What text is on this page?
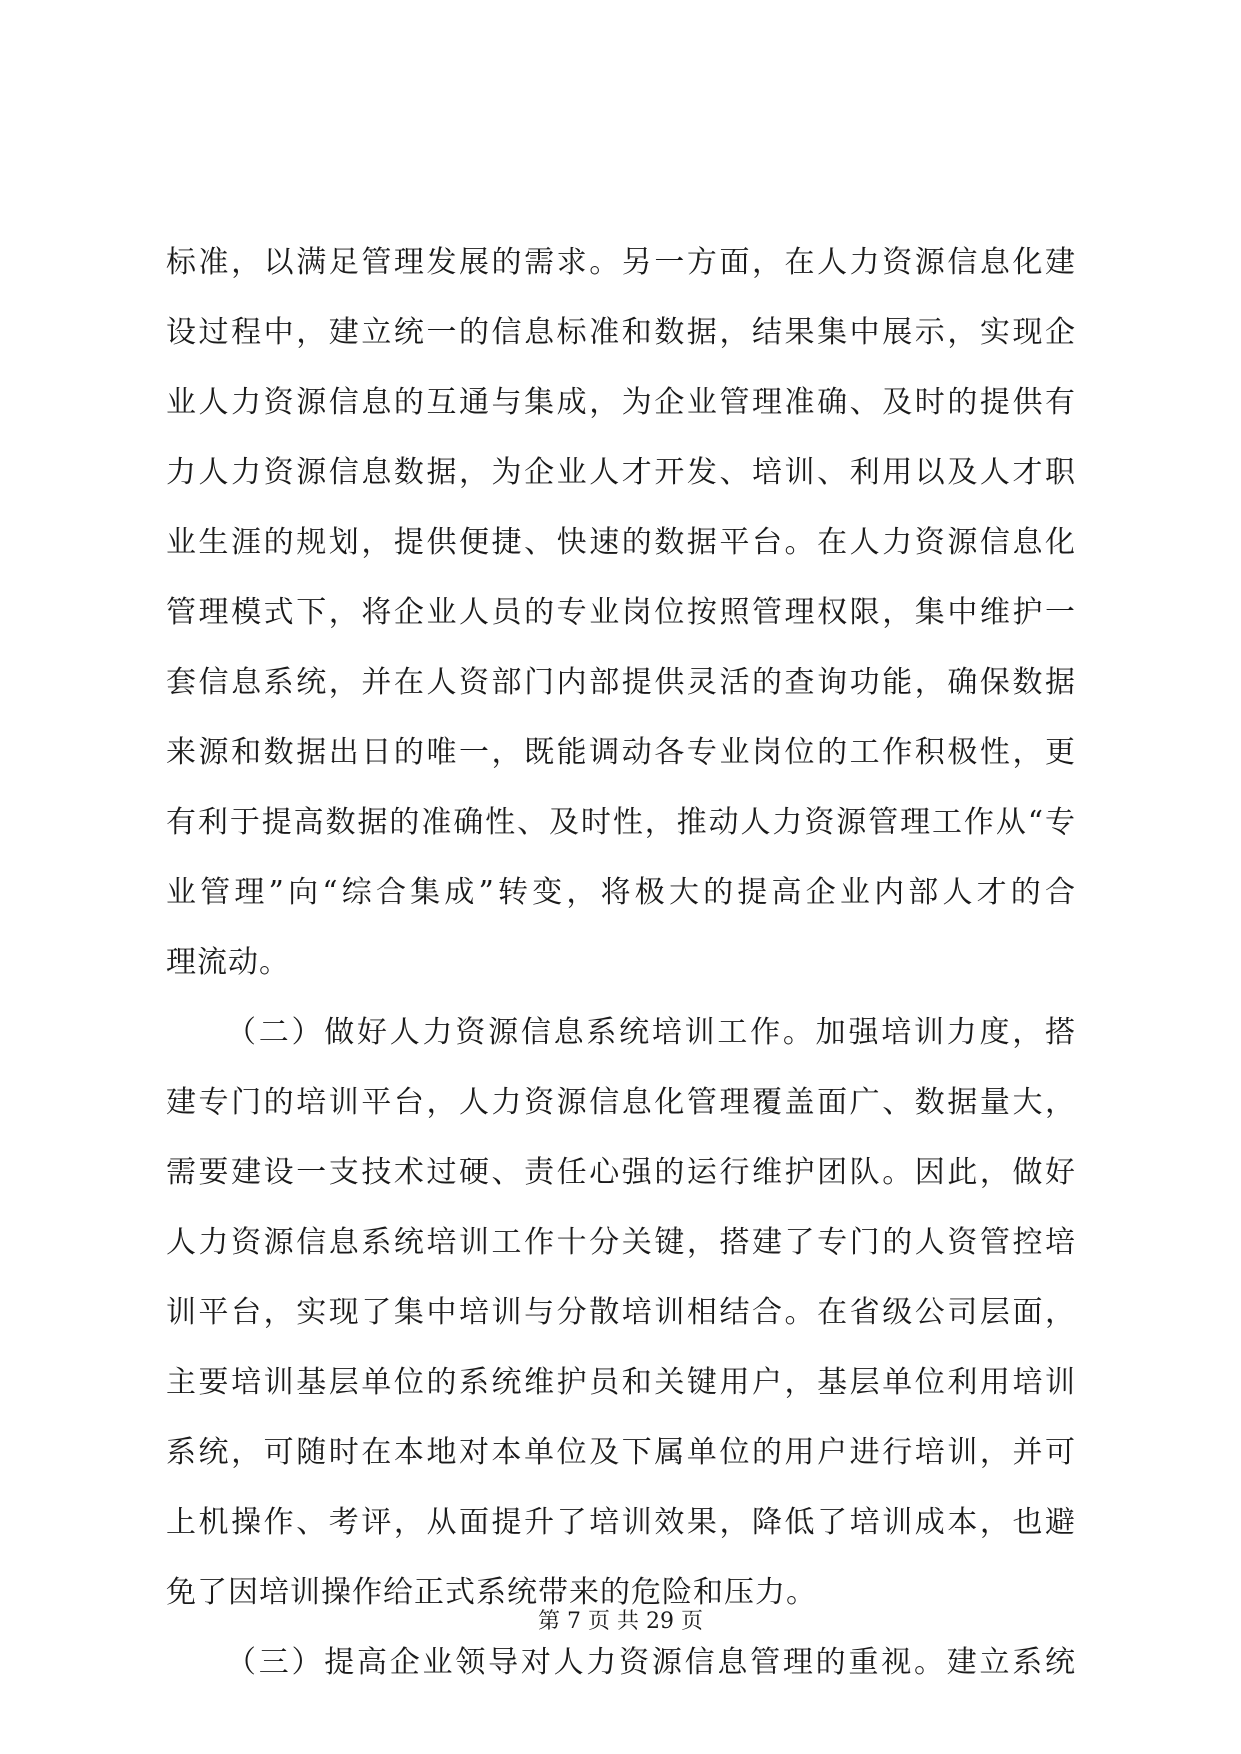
标准，以满足管理发展的需求。另一方面，在人力资源信息化建
设过程中，建立统一的信息标准和数据，结果集中展示，实现企
业人力资源信息的互通与集成，为企业管理准确、及时的提供有
力人力资源信息数据，为企业人才开发、培训、利用以及人才职
业生涯的规划，提供便捷、快速的数据平台。在人力资源信息化
管理模式下，将企业人员的专业岗位按照管理权限，集中维护一
套信息系统，并在人资部门内部提供灵活的查询功能，确保数据
来源和数据出日的唯一，既能调动各专业岗位的工作积极性，更
有利于提高数据的准确性、及时性，推动人力资源管理工作从“专
业管理”向“综合集成”转变，将极大的提高企业内部人才的合
理流动。
（二）做好人力资源信息系统培训工作。加强培训力度，搭
建专门的培训平台，人力资源信息化管理覆盖面广、数据量大，
需要建设一支技术过硬、责任心强的运行维护团队。因此，做好
人力资源信息系统培训工作十分关键，搭建了专门的人资管控培
训平台，实现了集中培训与分散培训相结合。在省级公司层面，
主要培训基层单位的系统维护员和关键用户，基层单位利用培训
系统，可随时在本地对本单位及下属单位的用户进行培训，并可
上机操作、考评，从面提升了培训效果，降低了培训成本，也避
免了因培训操作给正式系统带来的危险和压力。
（三）提高企业领导对人力资源信息管理的重视。建立系统
第 7 页 共 29 页
